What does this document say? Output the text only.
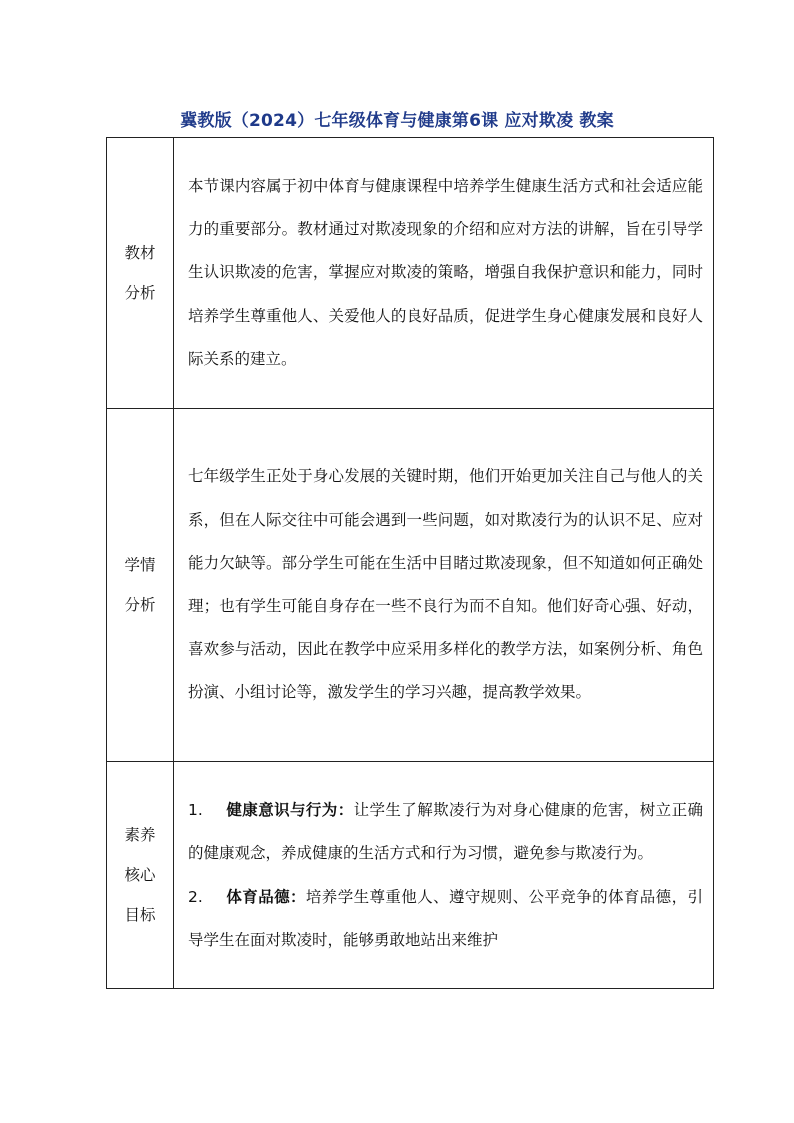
冀教版（2024）七年级体育与健康第6课 应对欺凌 教案
教材
分析	本节课内容属于初中体育与健康课程中培养学生健康生活方式和社会适应能力的重要部分。教材通过对欺凌现象的介绍和应对方法的讲解，旨在引导学生认识欺凌的危害，掌握应对欺凌的策略，增强自我保护意识和能力，同时培养学生尊重他人、关爱他人的良好品质，促进学生身心健康发展和良好人际关系的建立。

学情
分析	七年级学生正处于身心发展的关键时期，他们开始更加关注自己与他人的关系，但在人际交往中可能会遇到一些问题，如对欺凌行为的认识不足、应对能力欠缺等。部分学生可能在生活中目睹过欺凌现象，但不知道如何正确处理；也有学生可能自身存在一些不良行为而不自知。他们好奇心强、好动，喜欢参与活动，因此在教学中应采用多样化的教学方法，如案例分析、角色扮演、小组讨论等，激发学生的学习兴趣，提高教学效果。

素养
核心
目标	1. 健康意识与行为：让学生了解欺凌行为对身心健康的危害，树立正确的健康观念，养成健康的生活方式和行为习惯，避免参与欺凌行为。
2. 体育品德：培养学生尊重他人、遵守规则、公平竞争的体育品德，引导学生在面对欺凌时，能够勇敢地站出来维护
